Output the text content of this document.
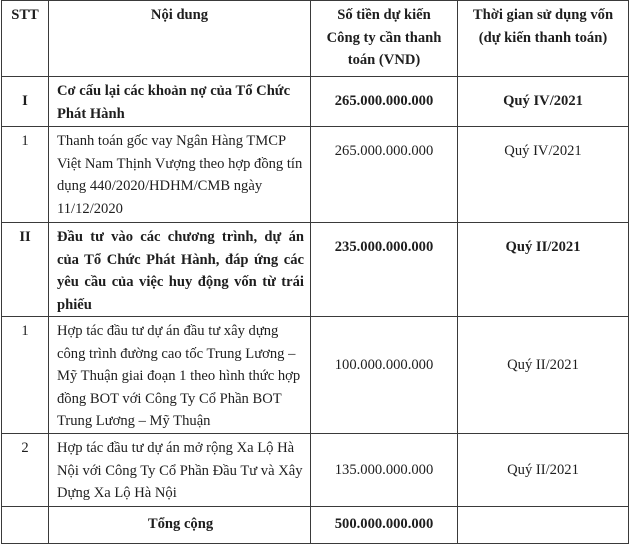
STT	Nội dung	Số tiền dự kiến Công ty cần thanh toán (VND)	Thời gian sử dụng vốn (dự kiến thanh toán)
I	Cơ cấu lại các khoản nợ của Tổ Chức Phát Hành	265.000.000.000	Quý IV/2021
1	Thanh toán gốc vay Ngân Hàng TMCP Việt Nam Thịnh Vượng theo hợp đồng tín dụng 440/2020/HDHM/CMB ngày 11/12/2020	265.000.000.000	Quý IV/2021
II	Đầu tư vào các chương trình, dự án của Tổ Chức Phát Hành, đáp ứng các yêu cầu của việc huy động vốn từ trái phiếu	235.000.000.000	Quý II/2021
1	Hợp tác đầu tư dự án đầu tư xây dựng công trình đường cao tốc Trung Lương – Mỹ Thuận giai đoạn 1 theo hình thức hợp đồng BOT với Công Ty Cổ Phần BOT Trung Lương – Mỹ Thuận	100.000.000.000	Quý II/2021
2	Hợp tác đầu tư dự án mở rộng Xa Lộ Hà Nội với Công Ty Cổ Phần Đầu Tư và Xây Dựng Xa Lộ Hà Nội	135.000.000.000	Quý II/2021
	Tổng cộng	500.000.000.000	
